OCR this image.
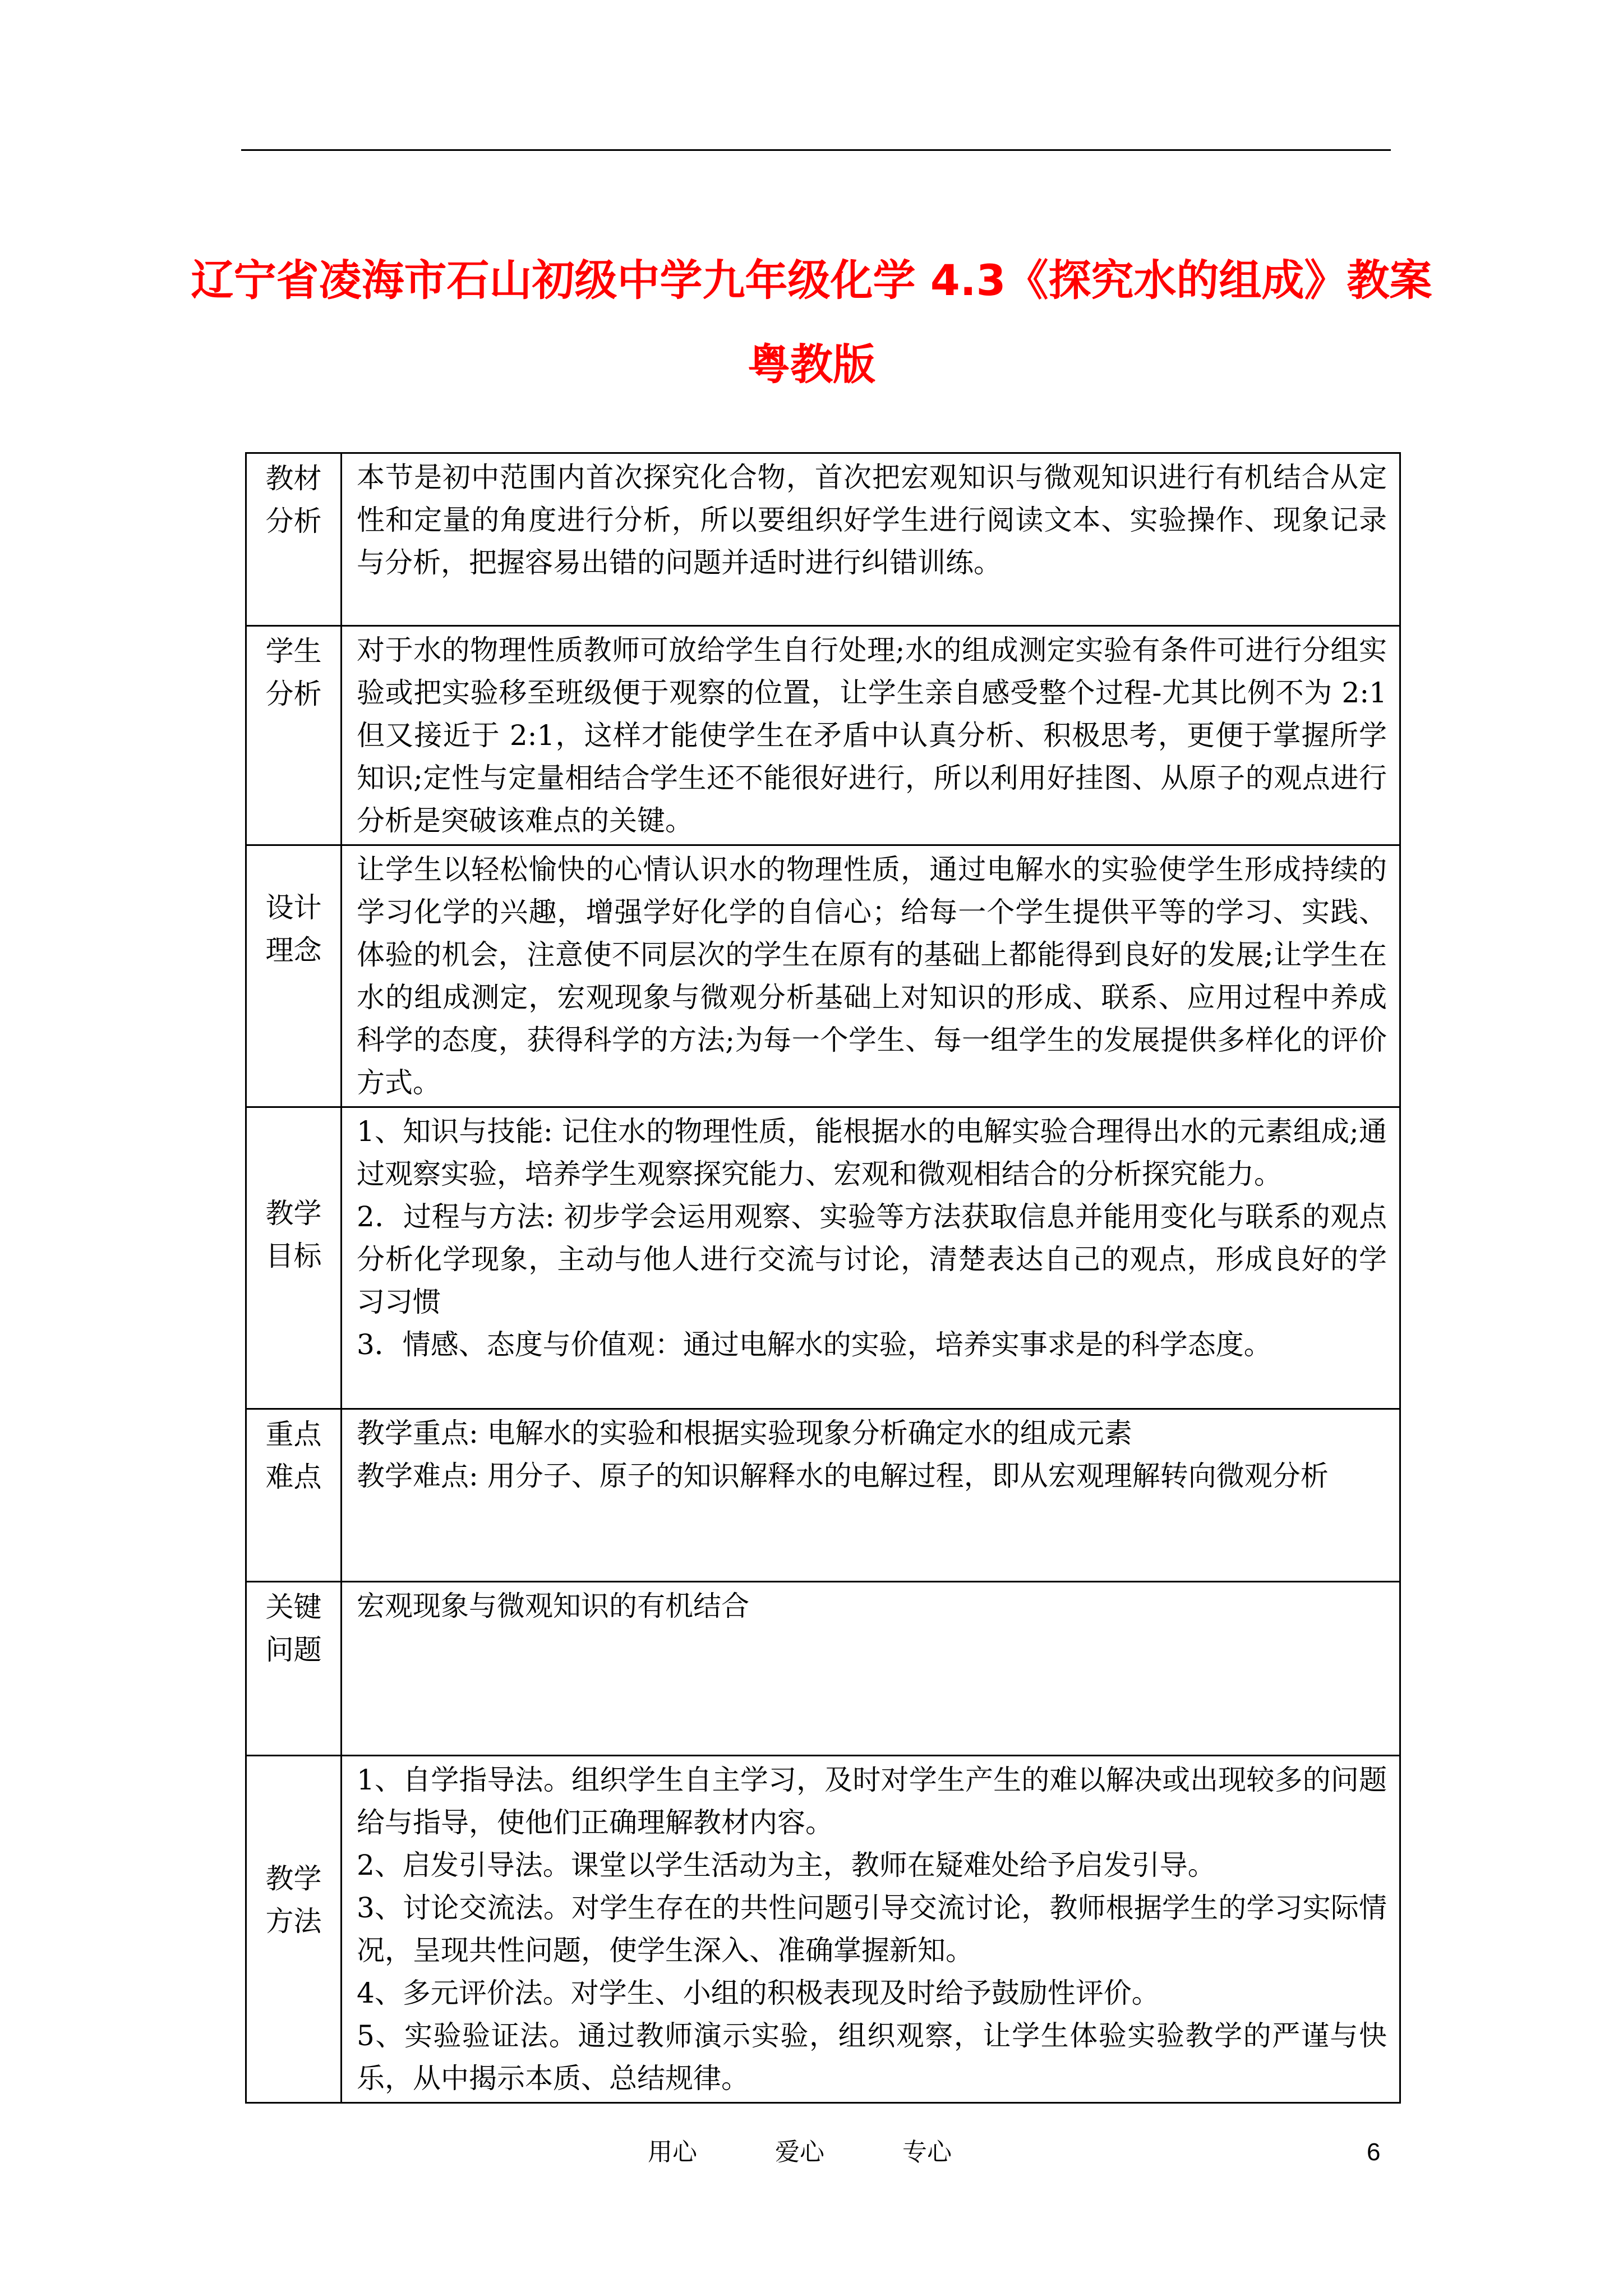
辽宁省凌海市石山初级中学九年级化学 4.3《探究水的组成》教案
粤教版
教材分析	本节是初中范围内首次探究化合物，首次把宏观知识与微观知识进行有机结合从定性和定量的角度进行分析，所以要组织好学生进行阅读文本、实验操作、现象记录与分析，把握容易出错的问题并适时进行纠错训练。

学生分析	对于水的物理性质教师可放给学生自行处理;水的组成测定实验有条件可进行分组实验或把实验移至班级便于观察的位置，让学生亲自感受整个过程-尤其比例不为 2:1 但又接近于 2:1，这样才能使学生在矛盾中认真分析、积极思考，更便于掌握所学知识;定性与定量相结合学生还不能很好进行，所以利用好挂图、从原子的观点进行分析是突破该难点的关键。

设计理念	让学生以轻松愉快的心情认识水的物理性质，通过电解水的实验使学生形成持续的学习化学的兴趣，增强学好化学的自信心；给每一个学生提供平等的学习、实践、体验的机会，注意使不同层次的学生在原有的基础上都能得到良好的发展;让学生在水的组成测定，宏观现象与微观分析基础上对知识的形成、联系、应用过程中养成科学的态度，获得科学的方法;为每一个学生、每一组学生的发展提供多样化的评价方式。

教学目标	1、知识与技能: 记住水的物理性质，能根据水的电解实验合理得出水的元素组成;通过观察实验，培养学生观察探究能力、宏观和微观相结合的分析探究能力。

2．过程与方法: 初步学会运用观察、实验等方法获取信息并能用变化与联系的观点分析化学现象，主动与他人进行交流与讨论，清楚表达自己的观点，形成良好的学习习惯

3．情感、态度与价值观：通过电解水的实验，培养实事求是的科学态度。

重点难点	教学重点: 电解水的实验和根据实验现象分析确定水的组成元素

教学难点: 用分子、原子的知识解释水的电解过程，即从宏观理解转向微观分析

关键问题	宏观现象与微观知识的有机结合

教学方法	1、自学指导法。组织学生自主学习，及时对学生产生的难以解决或出现较多的问题给与指导，使他们正确理解教材内容。

2、启发引导法。课堂以学生活动为主，教师在疑难处给予启发引导。

3、讨论交流法。对学生存在的共性问题引导交流讨论，教师根据学生的学习实际情况，呈现共性问题，使学生深入、准确掌握新知。

4、多元评价法。对学生、小组的积极表现及时给予鼓励性评价。

5、实验验证法。通过教师演示实验，组织观察，让学生体验实验教学的严谨与快乐，从中揭示本质、总结规律。

用心	爱心	专心	6
